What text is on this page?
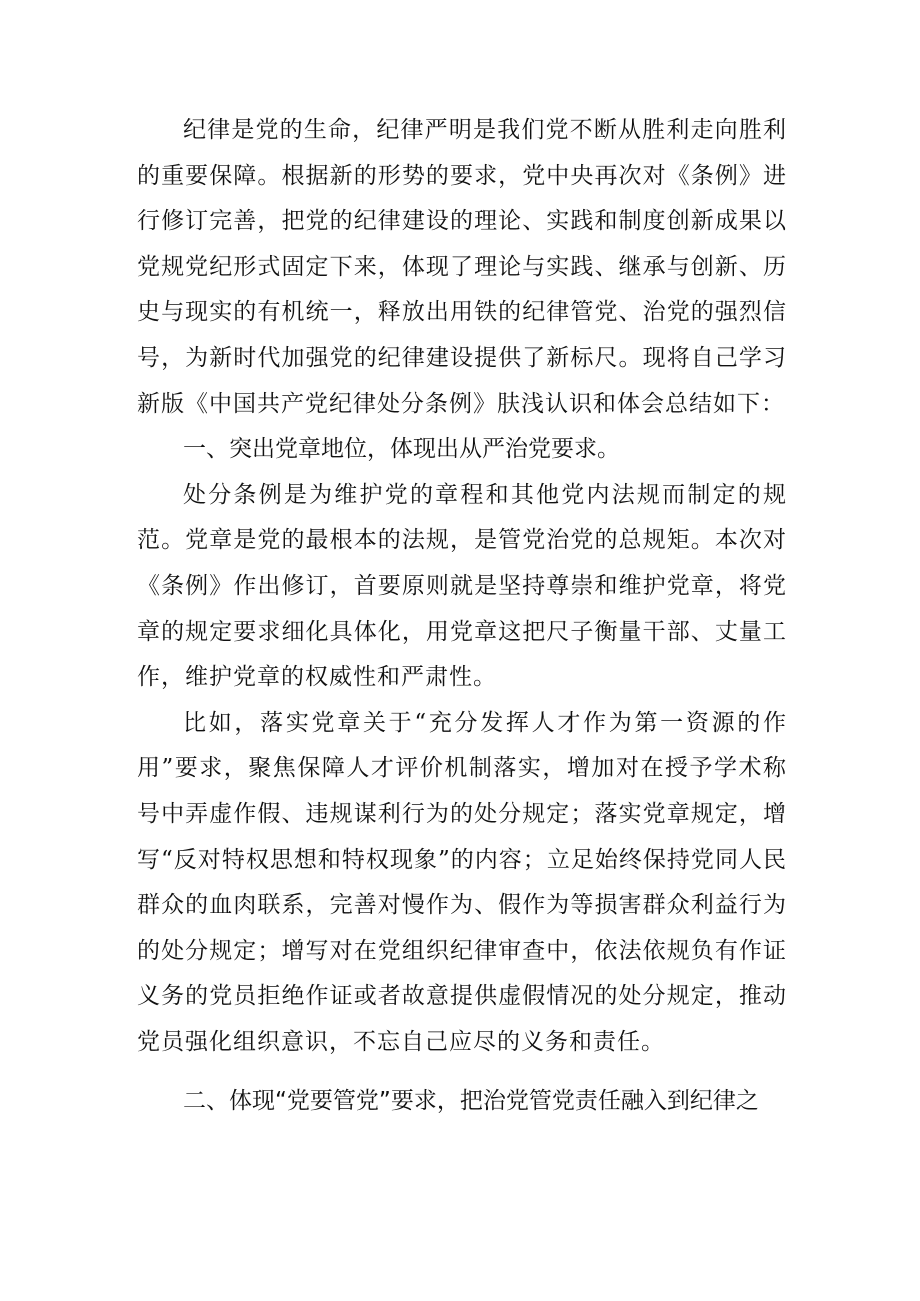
纪律是党的生命，纪律严明是我们党不断从胜利走向胜利的重要保障。根据新的形势的要求，党中央再次对《条例》进行修订完善，把党的纪律建设的理论、实践和制度创新成果以党规党纪形式固定下来，体现了理论与实践、继承与创新、历史与现实的有机统一，释放出用铁的纪律管党、治党的强烈信号，为新时代加强党的纪律建设提供了新标尺。现将自己学习新版《中国共产党纪律处分条例》肤浅认识和体会总结如下：

一、突出党章地位，体现出从严治党要求。

处分条例是为维护党的章程和其他党内法规而制定的规范。党章是党的最根本的法规，是管党治党的总规矩。本次对《条例》作出修订，首要原则就是坚持尊崇和维护党章，将党章的规定要求细化具体化，用党章这把尺子衡量干部、丈量工作，维护党章的权威性和严肃性。

比如，落实党章关于“充分发挥人才作为第一资源的作用”要求，聚焦保障人才评价机制落实，增加对在授予学术称号中弄虚作假、违规谋利行为的处分规定；落实党章规定，增写“反对特权思想和特权现象”的内容；立足始终保持党同人民群众的血肉联系，完善对慢作为、假作为等损害群众利益行为的处分规定；增写对在党组织纪律审查中，依法依规负有作证义务的党员拒绝作证或者故意提供虚假情况的处分规定，推动党员强化组织意识，不忘自己应尽的义务和责任。

二、体现“党要管党”要求，把治党管党责任融入到纪律之
